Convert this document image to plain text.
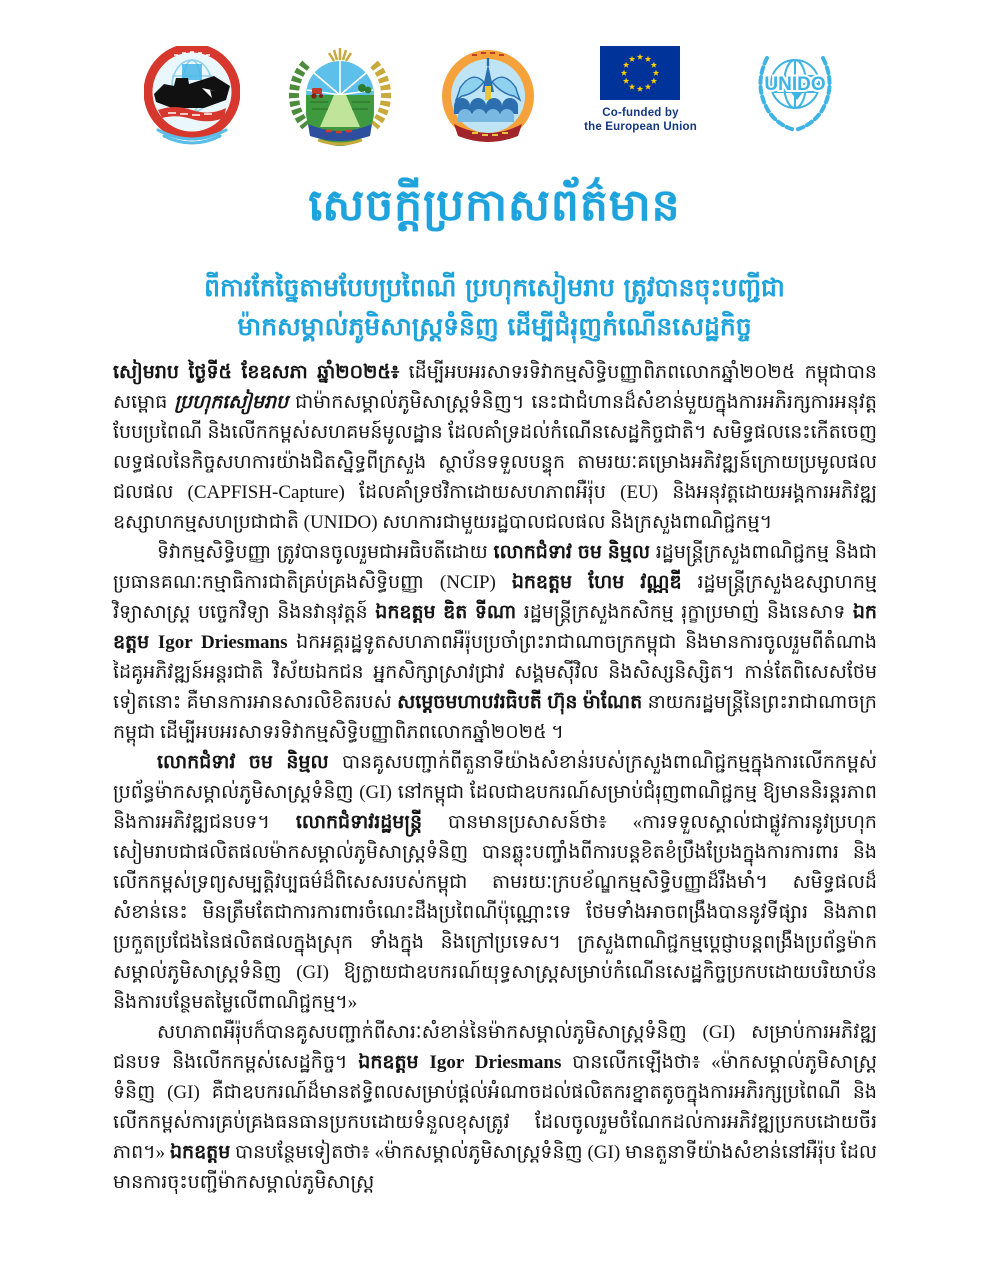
Co-funded by
the European Union
UNIDO
សេចក្តីប្រកាសព័ត៌មាន
ពីការកែច្នៃតាមបែបប្រពៃណី ប្រហុកសៀមរាប ត្រូវបានចុះបញ្ជីជា
ម៉ាកសម្គាល់ភូមិសាស្ត្រទំនិញ ដើម្បីជំរុញកំណើនសេដ្ឋកិច្ច

សៀមរាប ថ្ងៃទី៥ ខែឧសភា ឆ្នាំ២០២៥៖ ដើម្បីអបអរសាទរទិវាកម្មសិទ្ធិបញ្ញាពិភពលោកឆ្នាំ២០២៥ កម្ពុជាបានសម្ពោធ ប្រហុកសៀមរាប ជាម៉ាកសម្គាល់ភូមិសាស្ត្រទំនិញ។ នេះជាជំហានដ៏សំខាន់មួយក្នុងការអភិរក្សការអនុវត្តបែបប្រពៃណី និងលើកកម្ពស់សហគមន៍មូលដ្ឋាន ដែលគាំទ្រដល់កំណើនសេដ្ឋកិច្ចជាតិ។ សមិទ្ធផលនេះកើតចេញលទ្ធផលនៃកិច្ចសហការយ៉ាងជិតស្និទ្ធពីក្រសួង ស្ថាប័នទទួលបន្ទុក តាមរយៈគម្រោងអភិវឌ្ឍន៍ក្រោយប្រមូលផលជលផល (CAPFISH-Capture) ដែលគាំទ្រថវិកាដោយសហភាពអឺរ៉ុប (EU) និងអនុវត្តដោយអង្គការអភិវឌ្ឍឧស្សាហកម្មសហប្រជាជាតិ (UNIDO) សហការជាមួយរដ្ឋបាលជលផល និងក្រសួងពាណិជ្ជកម្ម។

ទិវាកម្មសិទ្ធិបញ្ញា ត្រូវបានចូលរួមជាអធិបតីដោយ លោកជំទាវ ចម និម្មល រដ្ឋមន្ត្រីក្រសួងពាណិជ្ជកម្ម និងជាប្រធានគណៈកម្មាធិការជាតិគ្រប់គ្រងសិទ្ធិបញ្ញា (NCIP) ឯកឧត្តម ហែម វណ្ណឌី រដ្ឋមន្ត្រីក្រសួងឧស្សាហកម្ម វិទ្យាសាស្ត្រ បច្ចេកវិទ្យា និងនវានុវត្តន៍ ឯកឧត្តម ឌិត ទីណា រដ្ឋមន្ត្រីក្រសួងកសិកម្ម រុក្ខាប្រមាញ់ និងនេសាទ ឯកឧត្តម Igor Driesmans ឯកអគ្គរដ្ឋទូតសហភាពអឺរ៉ុបប្រចាំព្រះរាជាណាចក្រកម្ពុជា និងមានការចូលរួមពីតំណាងដៃគូអភិវឌ្ឍន៍អន្តរជាតិ វិស័យឯកជន អ្នកសិក្សាស្រាវជ្រាវ សង្គមស៊ីវិល និងសិស្សនិស្សិត។ កាន់តែពិសេសថែមទៀតនោះ គឺមានការអានសារលិខិតរបស់ សម្តេចមហាបវរធិបតី ហ៊ុន ម៉ាណែត នាយករដ្ឋមន្ត្រីនៃព្រះរាជាណាចក្រកម្ពុជា ដើម្បីអបអរសាទរទិវាកម្មសិទ្ធិបញ្ញាពិភពលោកឆ្នាំ២០២៥ ។

លោកជំទាវ ចម និម្មល បានគូសបញ្ជាក់ពីតួនាទីយ៉ាងសំខាន់របស់ក្រសួងពាណិជ្ជកម្មក្នុងការលើកកម្ពស់ប្រព័ន្ធម៉ាកសម្គាល់ភូមិសាស្ត្រទំនិញ (GI) នៅកម្ពុជា ដែលជាឧបករណ៍សម្រាប់ជំរុញពាណិជ្ជកម្ម ឱ្យមាននិរន្តរភាព និងការអភិវឌ្ឍជនបទ។ លោកជំទាវរដ្ឋមន្ត្រី បានមានប្រសាសន៍ថា៖ «ការទទួលស្គាល់ជាផ្លូវការនូវប្រហុកសៀមរាបជាផលិតផលម៉ាកសម្គាល់ភូមិសាស្ត្រទំនិញ បានឆ្លុះបញ្ចាំងពីការបន្តខិតខំប្រឹងប្រែងក្នុងការការពារ និងលើកកម្ពស់ទ្រព្យសម្បត្តិវប្បធម៌ដ៏ពិសេសរបស់កម្ពុជា តាមរយៈក្របខ័ណ្ឌកម្មសិទ្ធិបញ្ញាដ៏រឹងមាំ។ សមិទ្ធផលដ៏សំខាន់នេះ មិនត្រឹមតែជាការការពារចំណេះដឹងប្រពៃណីប៉ុណ្ណោះទេ ថែមទាំងអាចពង្រឹងបាននូវទីផ្សារ និងភាពប្រកួតប្រជែងនៃផលិតផលក្នុងស្រុក ទាំងក្នុង និងក្រៅប្រទេស។ ក្រសួងពាណិជ្ជកម្មប្តេជ្ញាបន្តពង្រឹងប្រព័ន្ធម៉ាកសម្គាល់ភូមិសាស្ត្រទំនិញ (GI) ឱ្យក្លាយជាឧបករណ៍យុទ្ធសាស្ត្រសម្រាប់កំណើនសេដ្ឋកិច្ចប្រកបដោយបរិយាប័ន និងការបន្ថែមតម្លៃលើពាណិជ្ជកម្ម។»

សហភាពអឺរ៉ុបក៏បានគូសបញ្ជាក់ពីសារៈសំខាន់នៃម៉ាកសម្គាល់ភូមិសាស្ត្រទំនិញ (GI) សម្រាប់ការអភិវឌ្ឍជនបទ និងលើកកម្ពស់សេដ្ឋកិច្ច។ ឯកឧត្តម Igor Driesmans បានលើកឡើងថា៖ «ម៉ាកសម្គាល់ភូមិសាស្ត្រទំនិញ (GI) គឺជាឧបករណ៍ដ៏មានឥទ្ធិពលសម្រាប់ផ្តល់អំណាចដល់ផលិតករខ្នាតតូចក្នុងការអភិរក្សប្រពៃណី និងលើកកម្ពស់ការគ្រប់គ្រងធនធានប្រកបដោយទំនួលខុសត្រូវ ដែលចូលរួមចំណែកដល់ការអភិវឌ្ឍប្រកបដោយចីរភាព។» ឯកឧត្តម បានបន្ថែមទៀតថា៖ «ម៉ាកសម្គាល់ភូមិសាស្ត្រទំនិញ (GI) មានតួនាទីយ៉ាងសំខាន់នៅអឺរ៉ុប ដែលមានការចុះបញ្ជីម៉ាកសម្គាល់ភូមិសាស្ត្រ
